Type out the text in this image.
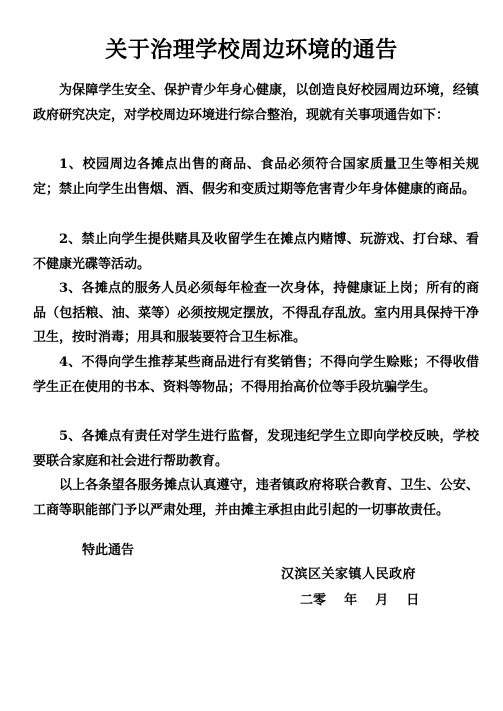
关于治理学校周边环境的通告

为保障学生安全、保护青少年身心健康，以创造良好校园周边环境，经镇政府研究决定，对学校周边环境进行综合整治，现就有关事项通告如下：

1、校园周边各摊点出售的商品、食品必须符合国家质量卫生等相关规定；禁止向学生出售烟、酒、假劣和变质过期等危害青少年身体健康的商品。

2、禁止向学生提供赌具及收留学生在摊点内赌博、玩游戏、打台球、看不健康光碟等活动。

3、各摊点的服务人员必须每年检查一次身体，持健康证上岗；所有的商品（包括粮、油、菜等）必须按规定摆放，不得乱存乱放。室内用具保持干净卫生，按时消毒；用具和服装要符合卫生标准。

4、不得向学生推荐某些商品进行有奖销售；不得向学生赊账；不得收借学生正在使用的书本、资料等物品；不得用抬高价位等手段坑骗学生。

5、各摊点有责任对学生进行监督，发现违纪学生立即向学校反映，学校要联合家庭和社会进行帮助教育。

以上各条望各服务摊点认真遵守，违者镇政府将联合教育、卫生、公安、工商等职能部门予以严肃处理，并由摊主承担由此引起的一切事故责任。

特此通告
汉滨区关家镇人民政府
二零    年    月    日
